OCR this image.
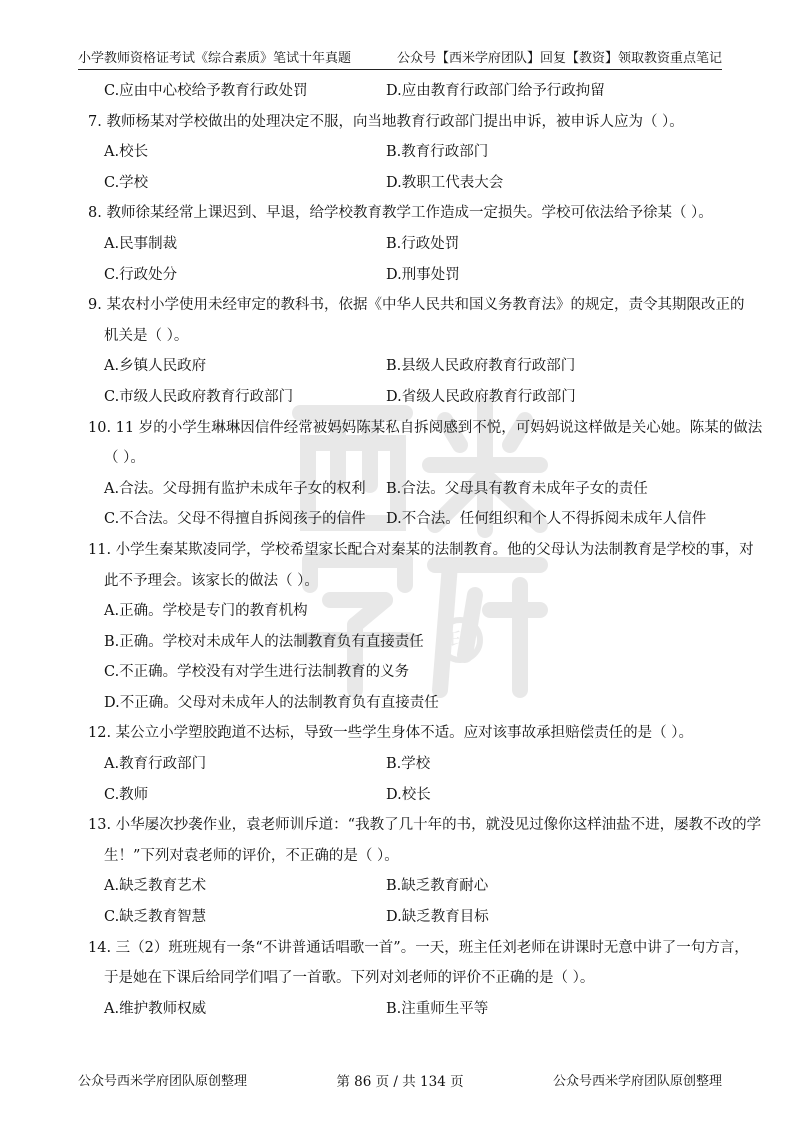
小学教师资格证考试《综合素质》笔试十年真题	公众号【西米学府团队】回复【教资】领取教资重点笔记
印
C.应由中心校给予教育行政处罚	D.应由教育行政部门给予行政拘留
7. 教师杨某对学校做出的处理决定不服，向当地教育行政部门提出申诉，被申诉人应为（ ）。
A.校长	B.教育行政部门
C.学校	D.教职工代表大会
8. 教师徐某经常上课迟到、早退，给学校教育教学工作造成一定损失。学校可依法给予徐某（ ）。
A.民事制裁	B.行政处罚
C.行政处分	D.刑事处罚
9. 某农村小学使用未经审定的教科书，依据《中华人民共和国义务教育法》的规定，责令其期限改正的
机关是（ ）。
A.乡镇人民政府	B.县级人民政府教育行政部门
C.市级人民政府教育行政部门	D.省级人民政府教育行政部门
10. 11 岁的小学生琳琳因信件经常被妈妈陈某私自拆阅感到不悦，可妈妈说这样做是关心她。陈某的做法
（ ）。
A.合法。父母拥有监护未成年子女的权利	B.合法。父母具有教育未成年子女的责任
C.不合法。父母不得擅自拆阅孩子的信件	D.不合法。任何组织和个人不得拆阅未成年人信件
11. 小学生秦某欺凌同学，学校希望家长配合对秦某的法制教育。他的父母认为法制教育是学校的事，对
此不予理会。该家长的做法（ ）。
A.正确。学校是专门的教育机构
B.正确。学校对未成年人的法制教育负有直接责任
C.不正确。学校没有对学生进行法制教育的义务
D.不正确。父母对未成年人的法制教育负有直接责任
12. 某公立小学塑胶跑道不达标，导致一些学生身体不适。应对该事故承担赔偿责任的是（ ）。
A.教育行政部门	B.学校
C.教师	D.校长
13. 小华屡次抄袭作业，袁老师训斥道：“我教了几十年的书，就没见过像你这样油盐不进，屡教不改的学
生！”下列对袁老师的评价，不正确的是（ ）。
A.缺乏教育艺术	B.缺乏教育耐心
C.缺乏教育智慧	D.缺乏教育目标
14. 三（2）班班规有一条“不讲普通话唱歌一首”。一天，班主任刘老师在讲课时无意中讲了一句方言，
于是她在下课后给同学们唱了一首歌。下列对刘老师的评价不正确的是（ ）。
A.维护教师权威	B.注重师生平等
公众号西米学府团队原创整理	第 86 页 / 共 134 页	公众号西米学府团队原创整理
